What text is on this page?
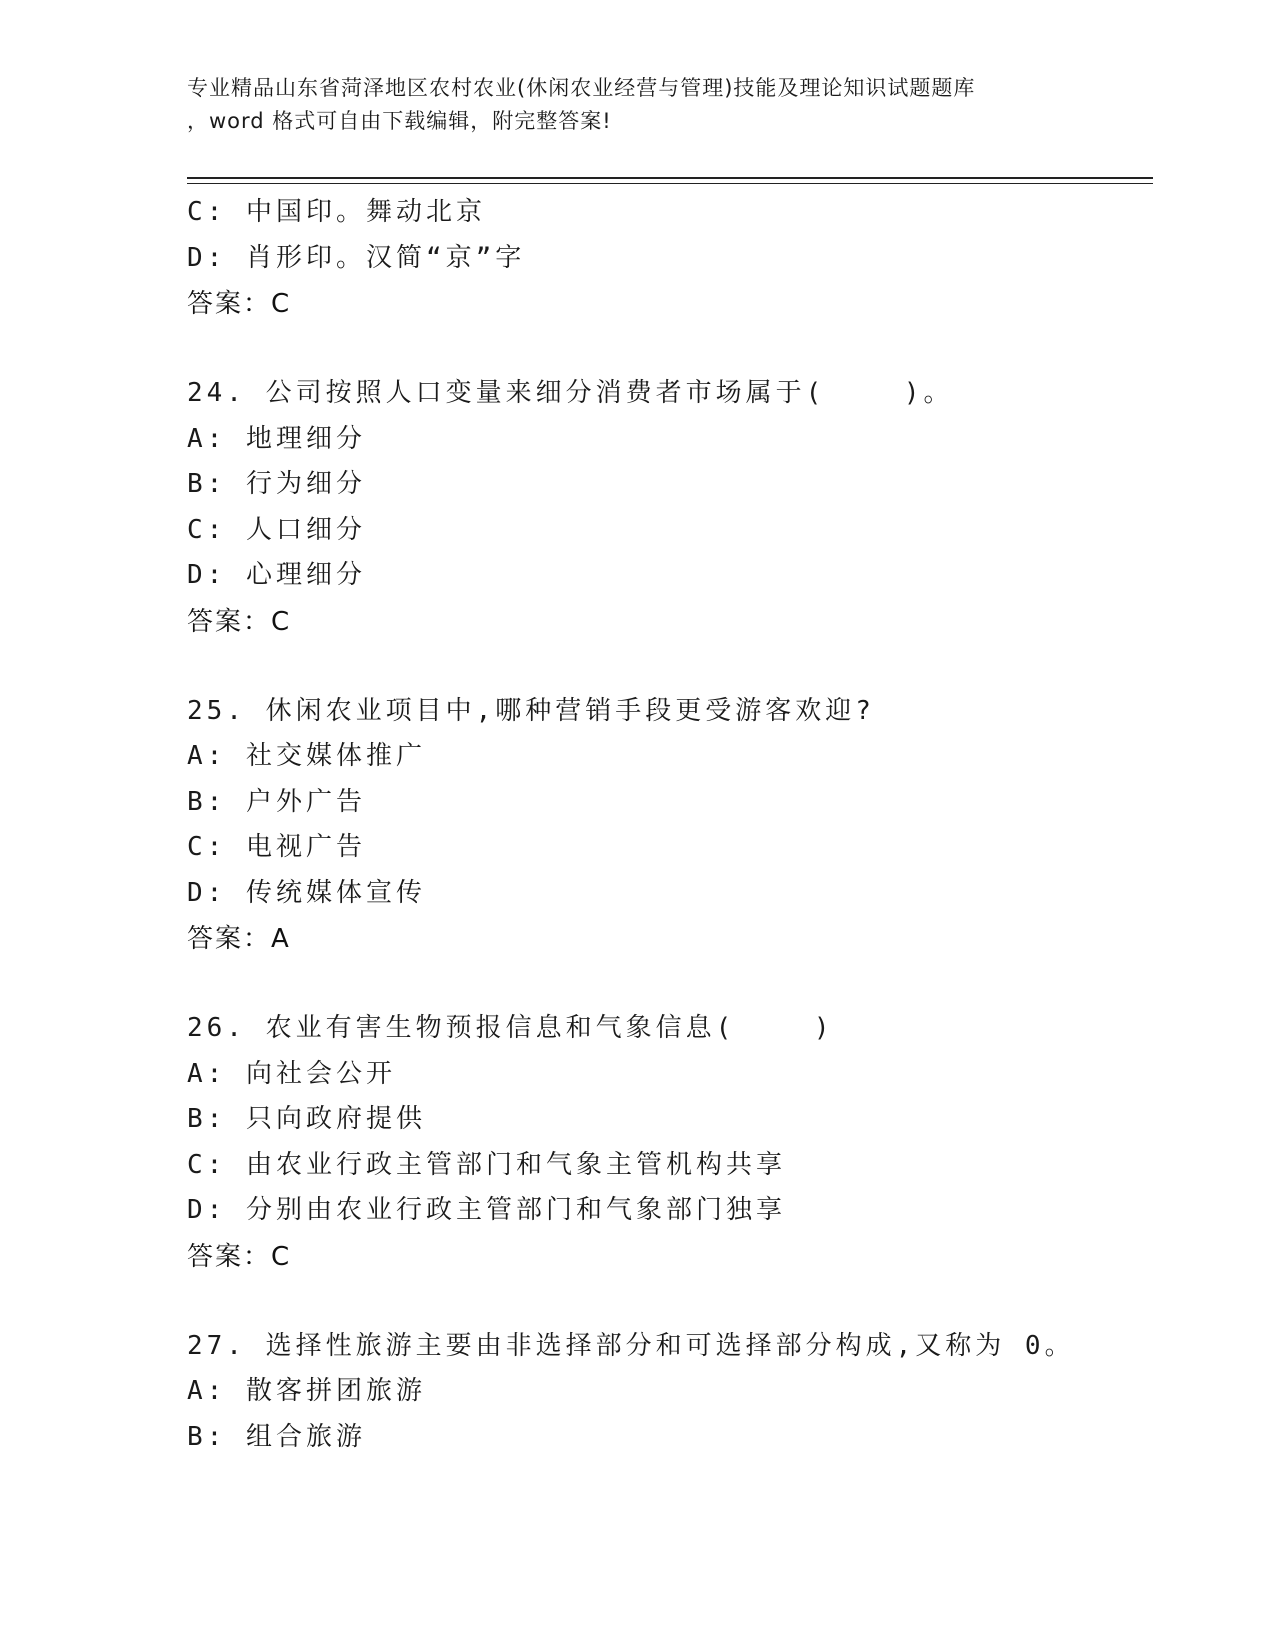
专业精品山东省菏泽地区农村农业(休闲农业经营与管理)技能及理论知识试题题库
，word 格式可自由下载编辑，附完整答案!
C: 中国印。舞动北京
D: 肖形印。汉简“京”字
答案：C
24. 公司按照人口变量来细分消费者市场属于(    )。
A: 地理细分
B: 行为细分
C: 人口细分
D: 心理细分
答案：C
25. 休闲农业项目中,哪种营销手段更受游客欢迎?
A: 社交媒体推广
B: 户外广告
C: 电视广告
D: 传统媒体宣传
答案：A
26. 农业有害生物预报信息和气象信息(    )
A: 向社会公开
B: 只向政府提供
C: 由农业行政主管部门和气象主管机构共享
D: 分别由农业行政主管部门和气象部门独享
答案：C
27. 选择性旅游主要由非选择部分和可选择部分构成,又称为 0。
A: 散客拼团旅游
B: 组合旅游
